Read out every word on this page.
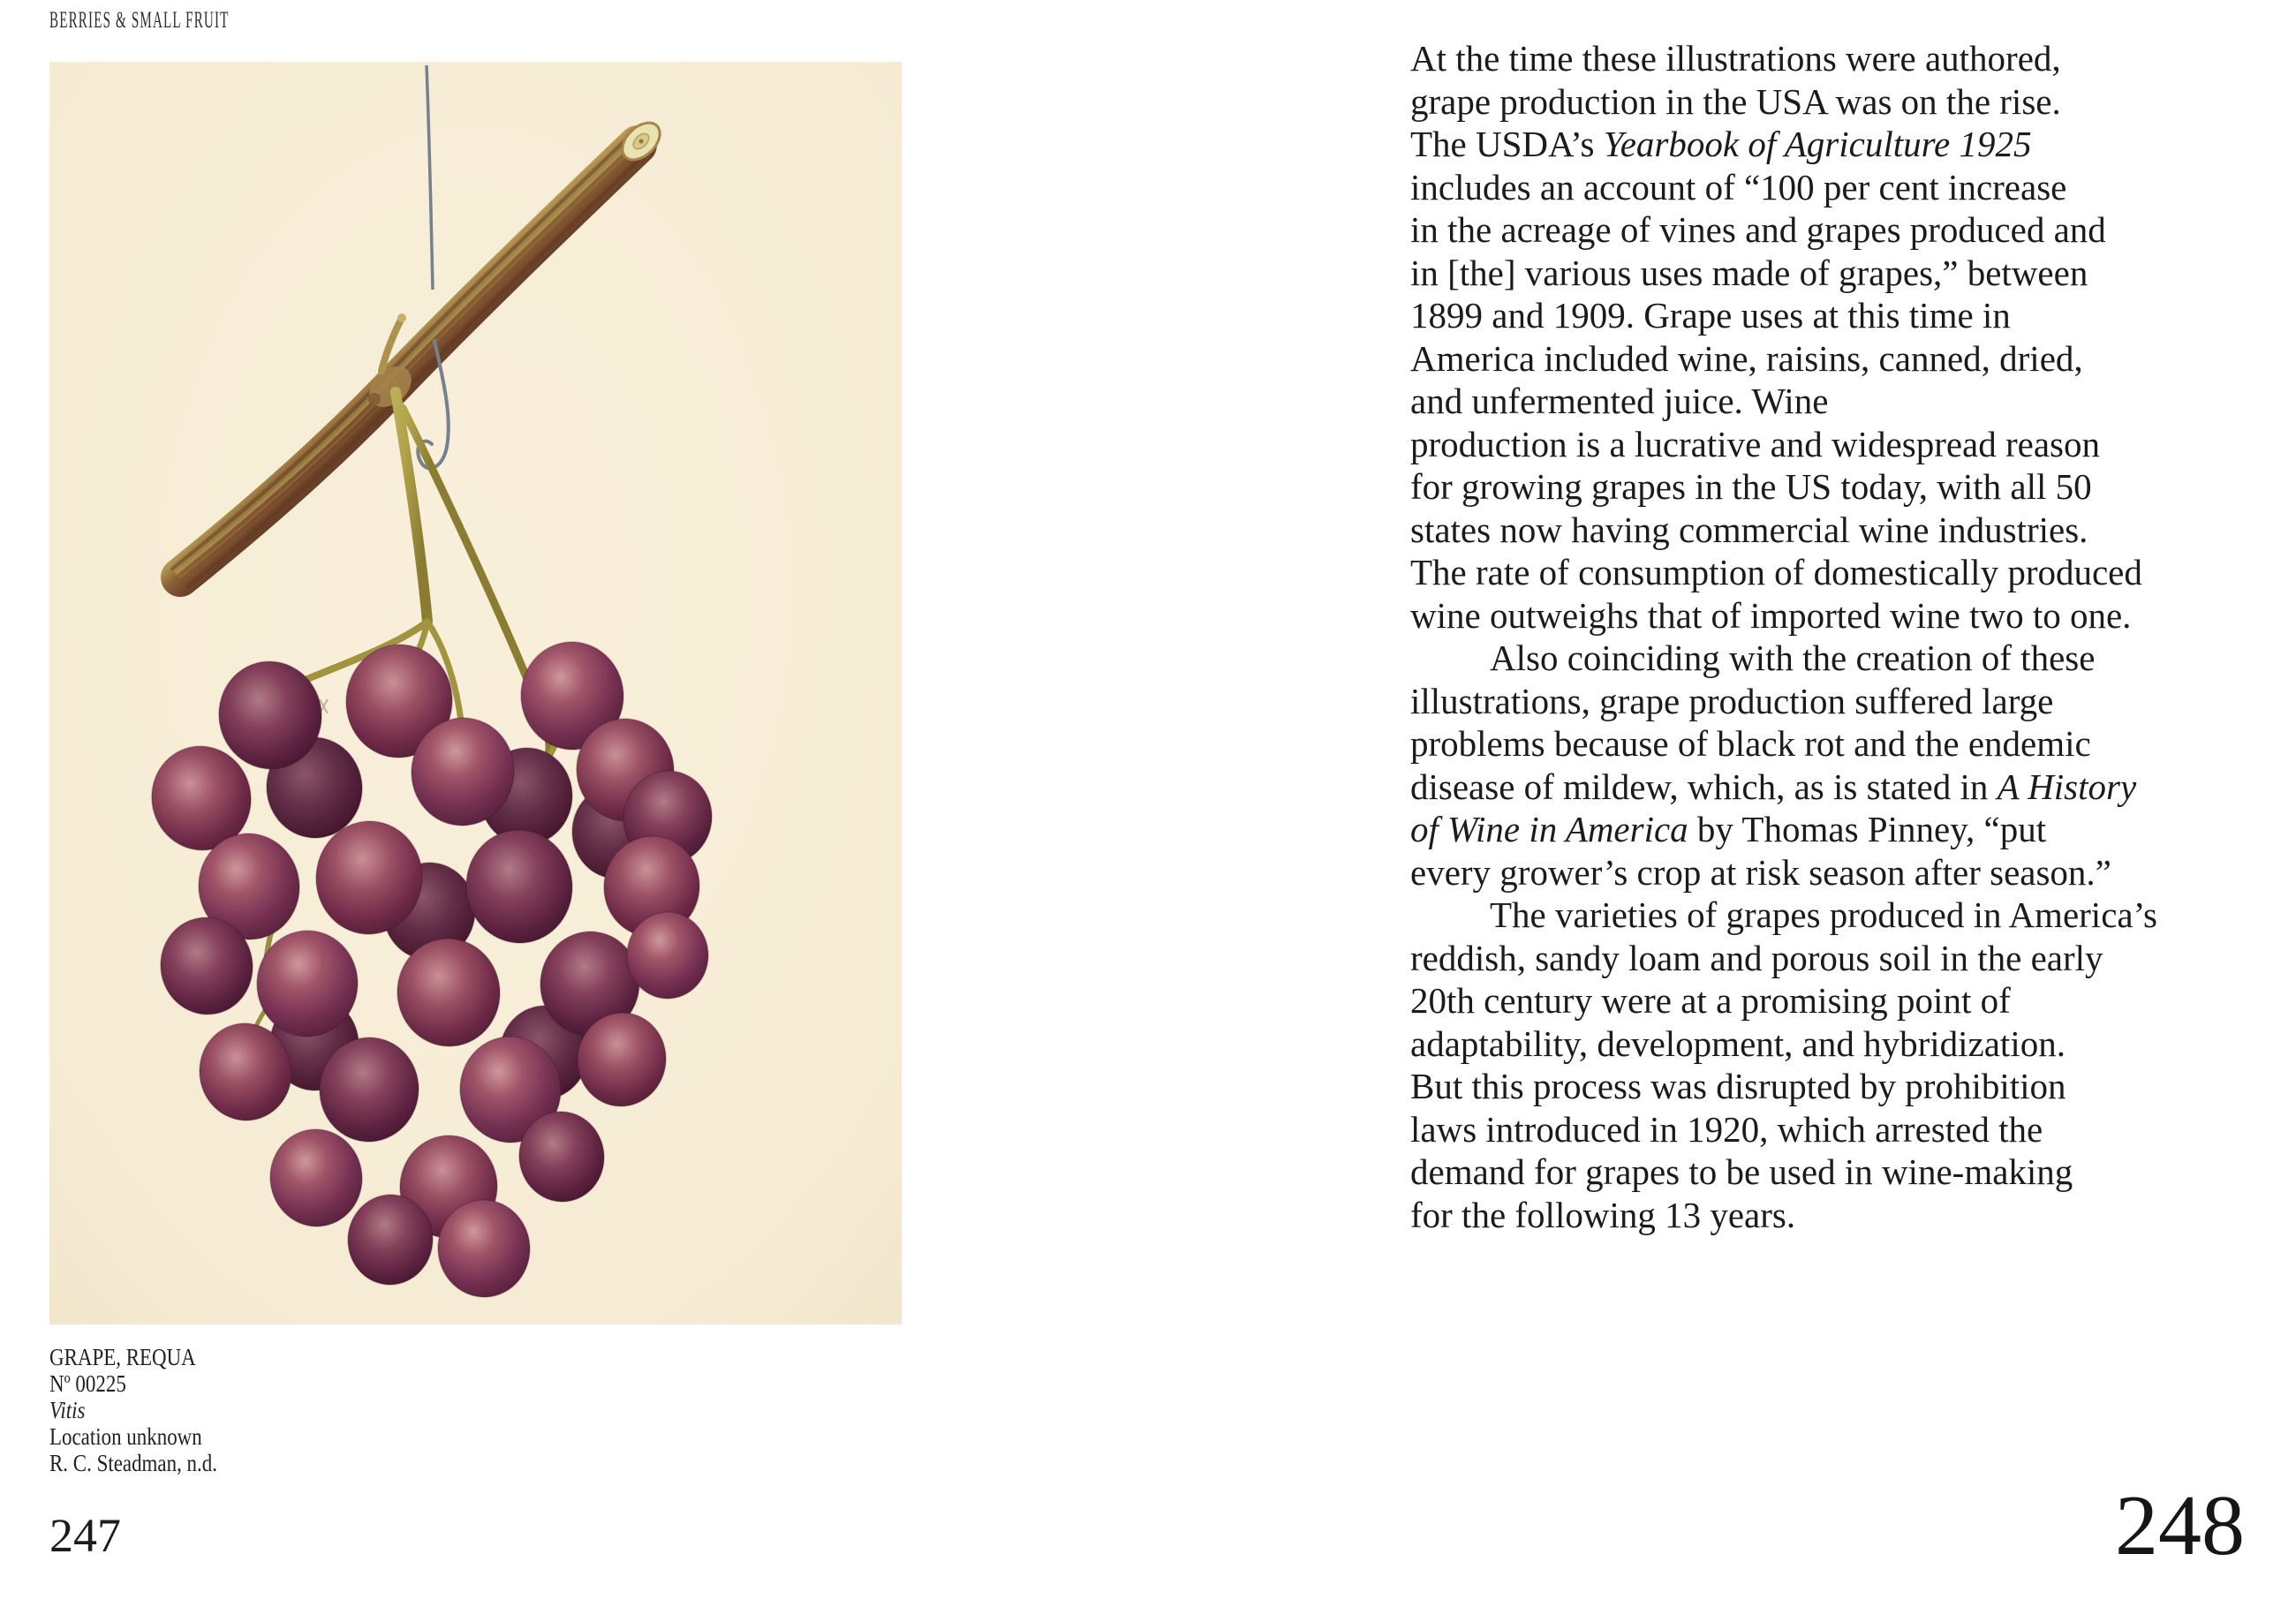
BERRIES & SMALL FRUIT
GRAPE, REQUA
Nº 00225
Vitis
Location unknown
R. C. Steadman, n.d.
247
At the time these illustrations were authored,
grape production in the USA was on the rise.
The USDA’s Yearbook of Agriculture 1925
includes an account of “100 per cent increase
in the acreage of vines and grapes produced and
in [the] various uses made of grapes,” between
1899 and 1909. Grape uses at this time in
America included wine, raisins, canned, dried,
and unfermented juice. Wine
production is a lucrative and widespread reason
for growing grapes in the US today, with all 50
states now having commercial wine industries.
The rate of consumption of domestically produced
wine outweighs that of imported wine two to one.
Also coinciding with the creation of these
illustrations, grape production suffered large
problems because of black rot and the endemic
disease of mildew, which, as is stated in A History
of Wine in America by Thomas Pinney, “put
every grower’s crop at risk season after season.”
The varieties of grapes produced in America’s
reddish, sandy loam and porous soil in the early
20th century were at a promising point of
adaptability, development, and hybridization.
But this process was disrupted by prohibition
laws introduced in 1920, which arrested the
demand for grapes to be used in wine-making
for the following 13 years.
248
